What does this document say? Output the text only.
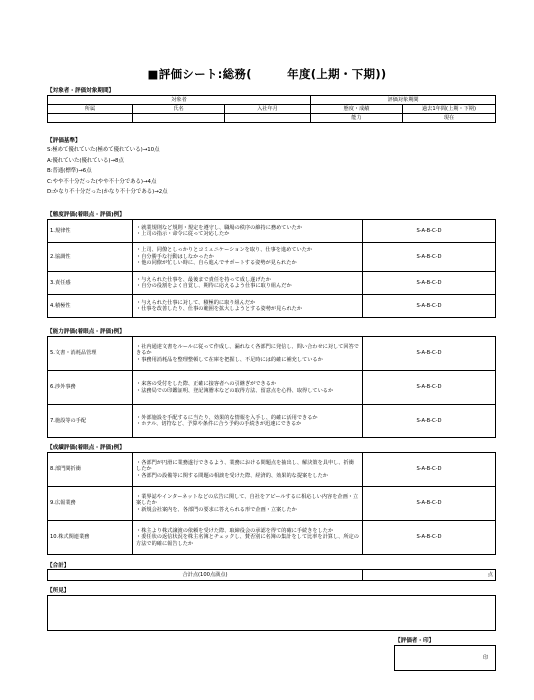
■評価シート:総務(　　　年度(上期・下期))
【対象者・評価対象期間】
対象者			評価対象期間	
所属	氏名	入社年月	態度・成績	過去1年間(上期・下期)
			能力	現在
【評価基準】
S:極めて優れていた(極めて優れている)→10点
A:優れていた(優れている)→8点
B:普通(標準)→6点
C:やや不十分だった(やや不十分である)→4点
D:かなり不十分だった(かなり不十分である)→2点
【態度評価(着眼点・評価)例】
1.規律性	・就業規則など規則・規定を遵守し、職場の秩序の維持に務めていたか
・上司の指示・命令に従って対応したか	S-A-B-C-D
2.協調性	・上司、同僚としっかりとコミュニケーションを取り、仕事を進めていたか
・自分勝手な行動はしなかったか
・他の同僚が忙しい時に、自ら進んでサポートする姿勢が見られたか	S-A-B-C-D
3.責任感	・与えられた仕事を、最後まで責任を持って成し遂げたか
・自分の役割をよく自覚し、期待に応えるよう仕事に取り組んだか	S-A-B-C-D
4.積極性	・与えられた仕事に対して、積極的に取り組んだか
・仕事を改善したり、仕事の範囲を拡大しようとする姿勢が見られたか	S-A-B-C-D
【能力評価(着眼点・評価)例】
5.文書・消耗品管理	・社内通達文書をルールに従って作成し、漏れなく各部門に発信し、問い合わせに対して回答できるか
・事務用消耗品を整理整頓して在庫を把握し、不足時には的確に補充しているか	S-A-B-C-D
6.渉外事務	・来客の受付をした際、正確に接客者への引継ぎができるか
・法務局での印鑑証明、登記簿謄本などの取得方法、留意点を心得、取得しているか	S-A-B-C-D
7.施設等の手配	・外部施設を手配するに当たり、効果的な情報を入手し、的確に活用できるか
・ホテル、切符など、予算や条件に合う予約の手続きが迅速にできるか	S-A-B-C-D
【成績評価(着眼点・評価)例】
8.部門間折衝	・各部門が円滑に業務遂行できるよう、業務における問題点を抽出し、解決策を具申し、折衝したか
・各部門の設備等に関する問題の相談を受けた際、経済的、効果的な提案をしたか	S-A-B-C-D
9.広報業務	・業界誌やインターネットなどの広告に関して、自社をアピールするに相応しい内容を企画・立案したか
・新規会社案内を、各部門の要求に答えられる形で企画・立案したか	S-A-B-C-D
10.株式関連業務	・株主より株式譲渡の依頼を受けた際、取締役会の承認を得て的確に手続きをしたか
・委任状の返信状況を株主名簿とチェックし、賛否別に名簿の集計をして比率を計算し、所定の方法で的確に報告したか	S-A-B-C-D
【合計】
合計点(100点満点)	点
【所見】
【評価者・印】
印
